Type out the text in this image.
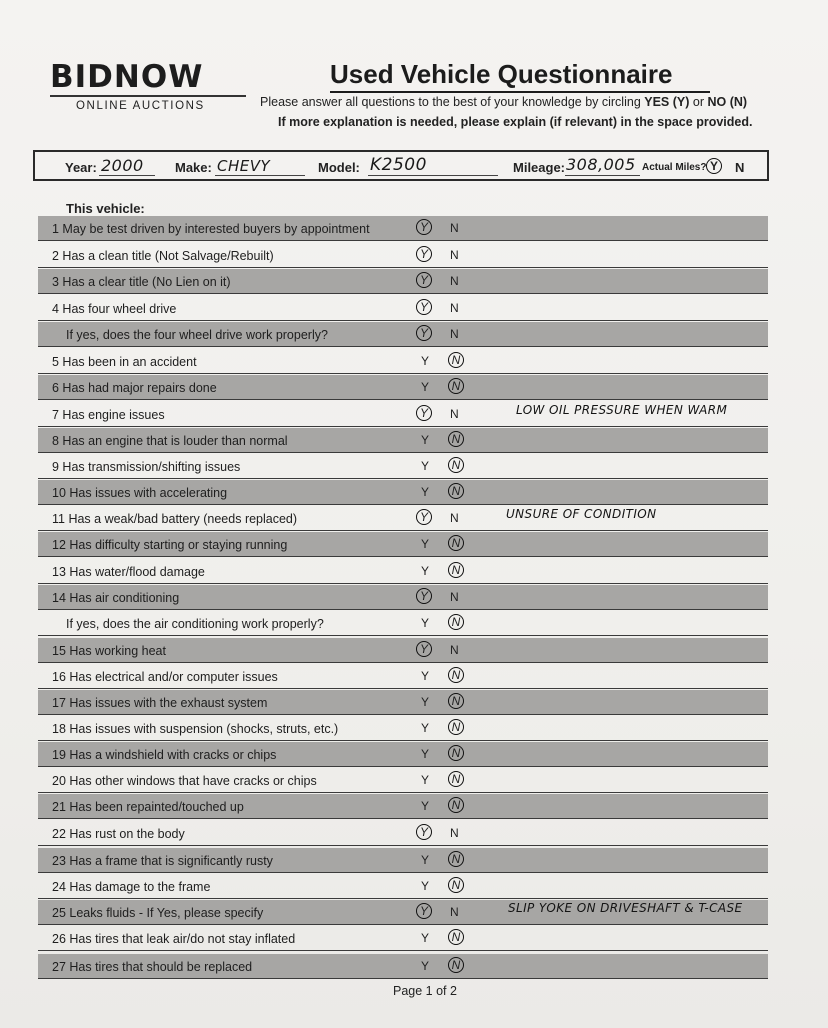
BIDNOW
ONLINE AUCTIONS
Used Vehicle Questionnaire
Please answer all questions to the best of your knowledge by circling YES (Y) or NO (N)
If more explanation is needed, please explain (if relevant) in the space provided.
Year: 2000 Make: CHEVY	Model: K2500	Mileage: 308,005 Actual Miles? Y	N
This vehicle:
1 May be test driven by interested buyers by appointment	Y	N
2 Has a clean title (Not Salvage/Rebuilt)	Y	N
3 Has a clear title (No Lien on it)	Y	N
4 Has four wheel drive	Y	N
If yes, does the four wheel drive work properly?	Y	N
5 Has been in an accident	Y	N
6 Has had major repairs done	Y	N
7 Has engine issues	Y	N	LOW OIL PRESSURE WHEN WARM
8 Has an engine that is louder than normal	Y	N
9 Has transmission/shifting issues	Y	N
10 Has issues with accelerating	Y	N
11 Has a weak/bad battery (needs replaced)	Y	N	UNSURE OF CONDITION
12 Has difficulty starting or staying running	Y	N
13 Has water/flood damage	Y	N
14 Has air conditioning	Y	N
If yes, does the air conditioning work properly?	Y	N
15 Has working heat	Y	N
16 Has electrical and/or computer issues	Y	N
17 Has issues with the exhaust system	Y	N
18 Has issues with suspension (shocks, struts, etc.)	Y	N
19 Has a windshield with cracks or chips	Y	N
20 Has other windows that have cracks or chips	Y	N
21 Has been repainted/touched up	Y	N
22 Has rust on the body	Y	N
23 Has a frame that is significantly rusty	Y	N
24 Has damage to the frame	Y	N
25 Leaks fluids - If Yes, please specify	Y	N	SLIP YOKE ON DRIVESHAFT & T-CASE
26 Has tires that leak air/do not stay inflated	Y	N
27 Has tires that should be replaced	Y	N
Page 1 of 2
